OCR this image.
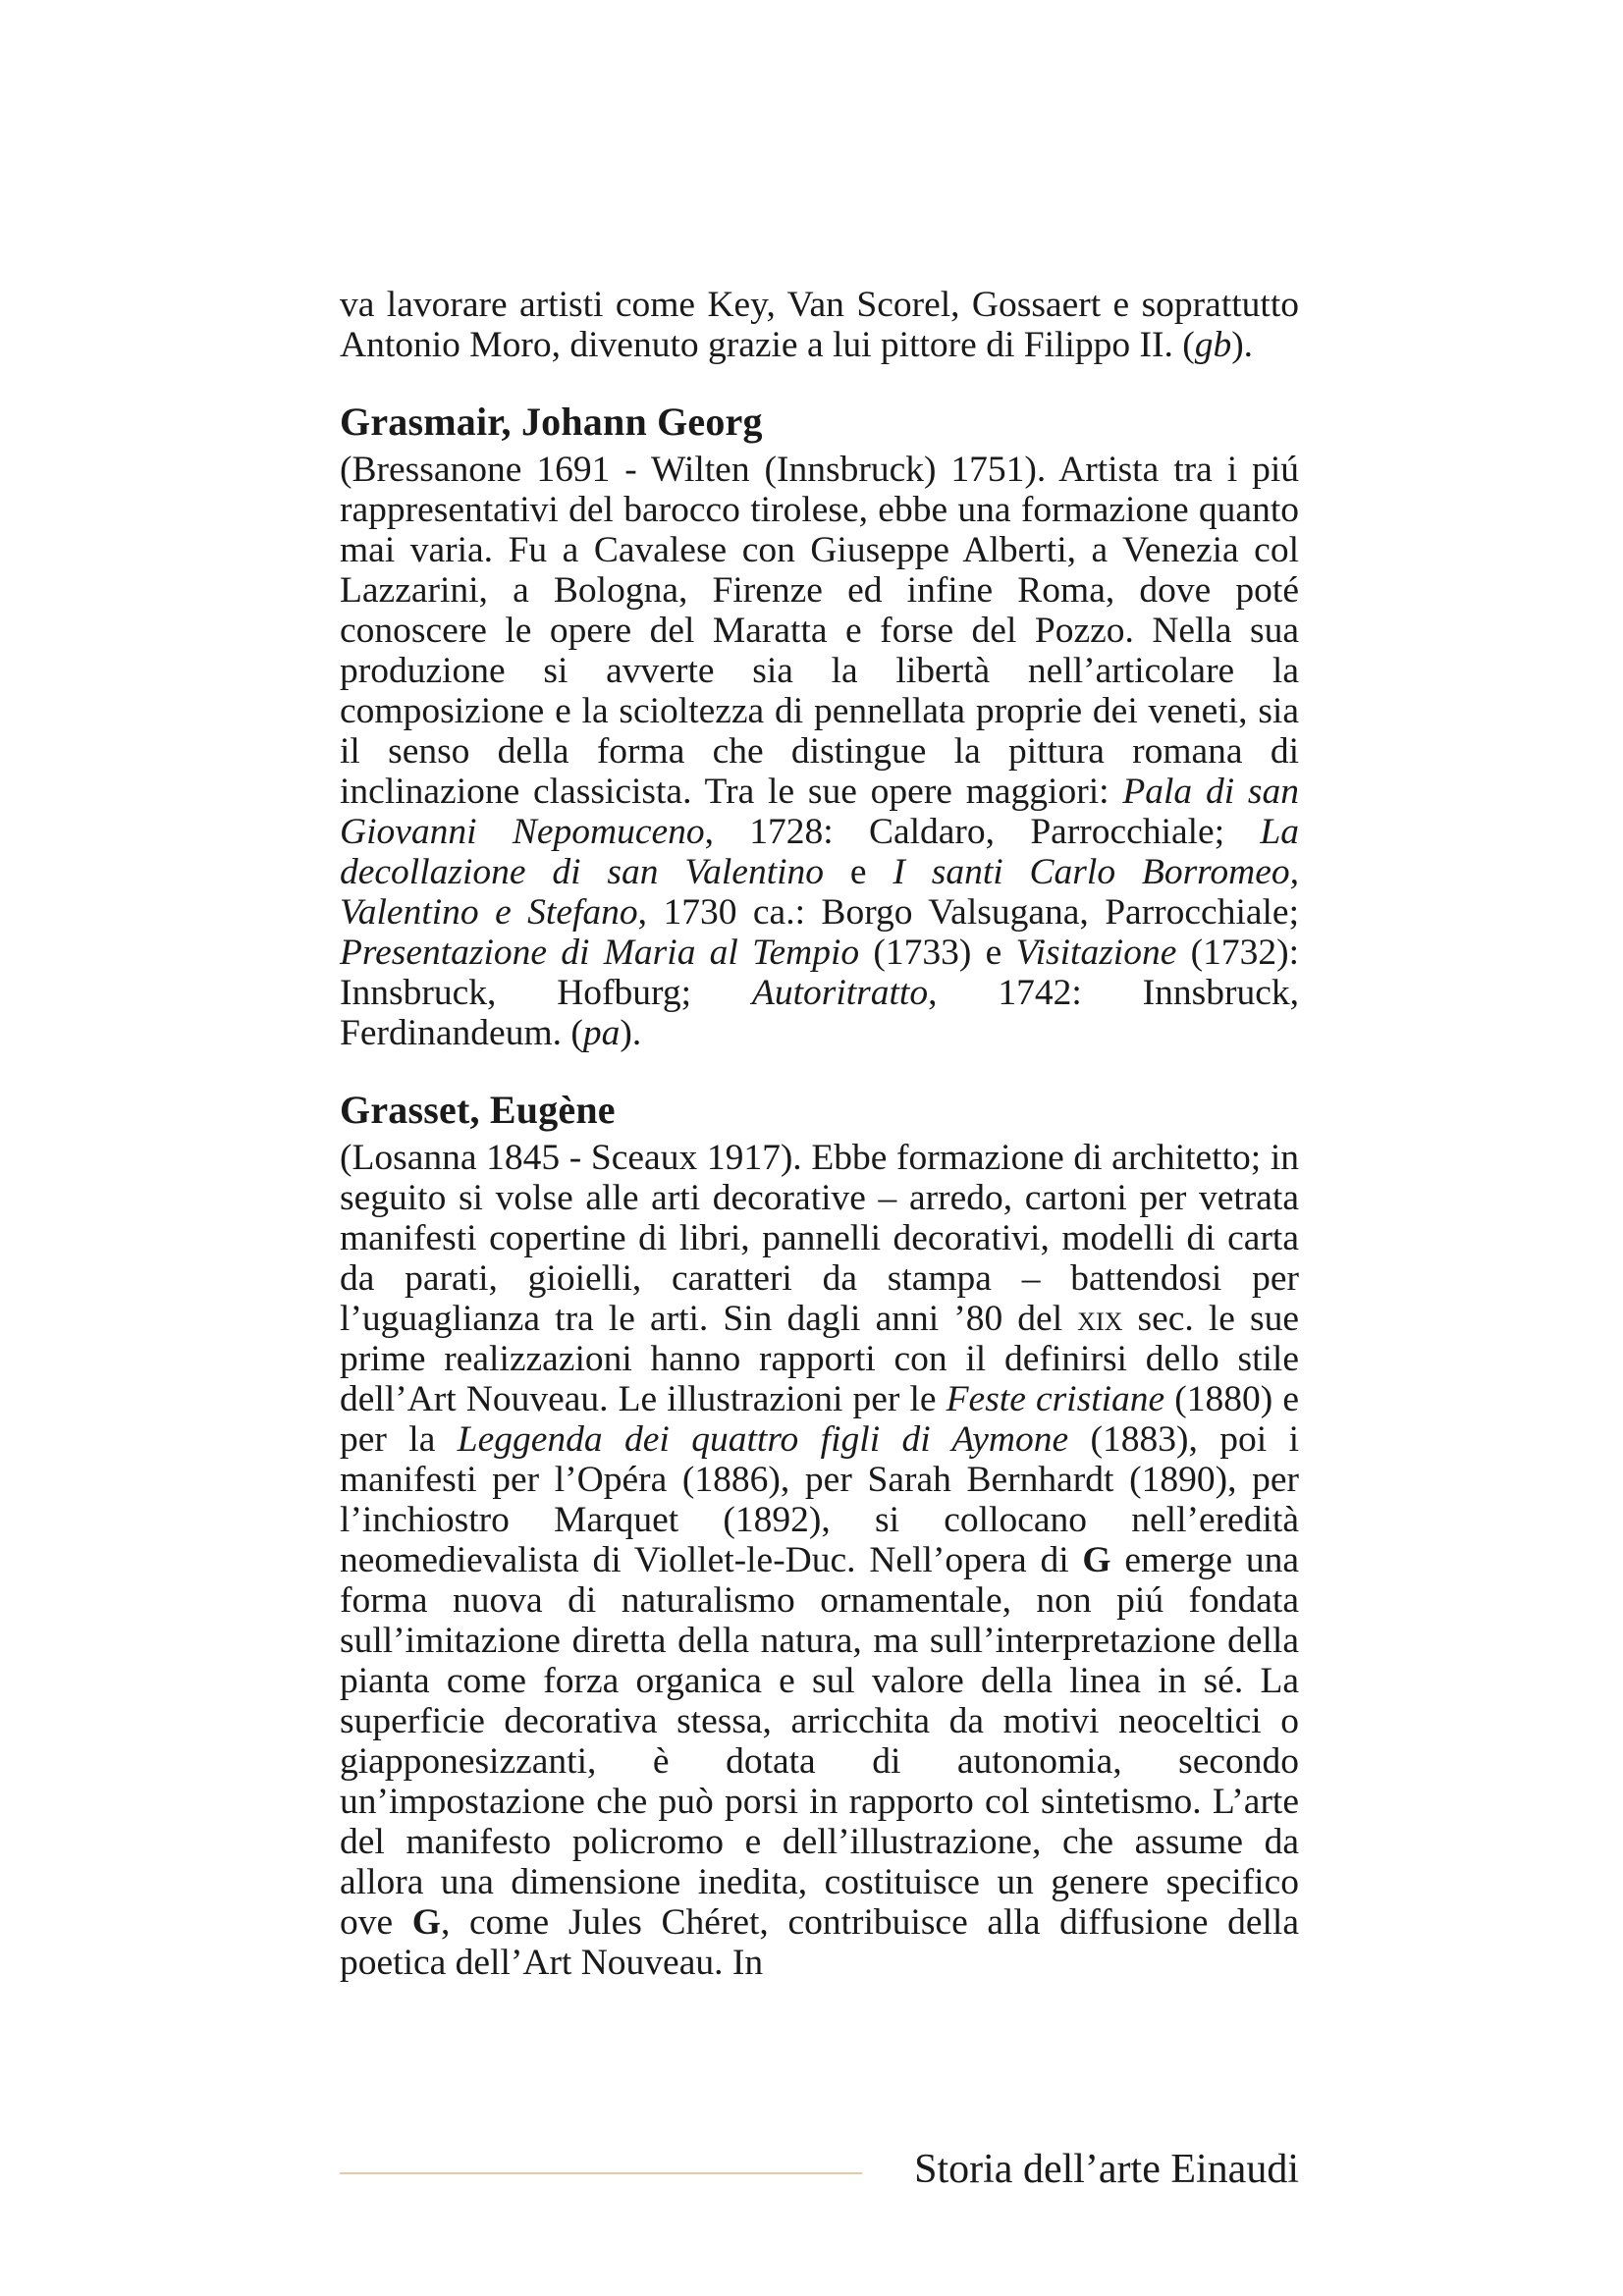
va lavorare artisti come Key, Van Scorel, Gossaert e soprattutto Antonio Moro, divenuto grazie a lui pittore di Filippo II. (gb).

Grasmair, Johann Georg

(Bressanone 1691 - Wilten (Innsbruck) 1751). Artista tra i piú rappresentativi del barocco tirolese, ebbe una formazione quanto mai varia. Fu a Cavalese con Giuseppe Alberti, a Venezia col Lazzarini, a Bologna, Firenze ed infine Roma, dove poté conoscere le opere del Maratta e forse del Pozzo. Nella sua produzione si avverte sia la libertà nell’articolare la composizione e la scioltezza di pennellata proprie dei veneti, sia il senso della forma che distingue la pittura romana di inclinazione classicista. Tra le sue opere maggiori: Pala di san Giovanni Nepomuceno, 1728: Caldaro, Parrocchiale; La decollazione di san Valentino e I santi Carlo Borromeo, Valentino e Stefano, 1730 ca.: Borgo Valsugana, Parrocchiale; Presentazione di Maria al Tempio (1733) e Visitazione (1732): Innsbruck, Hofburg; Autoritratto, 1742: Innsbruck, Ferdinandeum. (pa).

Grasset, Eugène

(Losanna 1845 - Sceaux 1917). Ebbe formazione di architetto; in seguito si volse alle arti decorative – arredo, cartoni per vetrata manifesti copertine di libri, pannelli decorativi, modelli di carta da parati, gioielli, caratteri da stampa – battendosi per l’uguaglianza tra le arti. Sin dagli anni ’80 del xix sec. le sue prime realizzazioni hanno rapporti con il definirsi dello stile dell’Art Nouveau. Le illustrazioni per le Feste cristiane (1880) e per la Leggenda dei quattro figli di Aymone (1883), poi i manifesti per l’Opéra (1886), per Sarah Bernhardt (1890), per l’inchiostro Marquet (1892), si collocano nell’eredità neomedievalista di Viollet-le-Duc. Nell’opera di G emerge una forma nuova di naturalismo ornamentale, non piú fondata sull’imitazione diretta della natura, ma sull’interpretazione della pianta come forza organica e sul valore della linea in sé. La superficie decorativa stessa, arricchita da motivi neoceltici o giapponesizzanti, è dotata di autonomia, secondo un’impostazione che può porsi in rapporto col sintetismo. L’arte del manifesto policromo e dell’illustrazione, che assume da allora una dimensione inedita, costituisce un genere specifico ove G, come Jules Chéret, contribuisce alla diffusione della poetica dell’Art Nouveau. In

Storia dell’arte Einaudi
